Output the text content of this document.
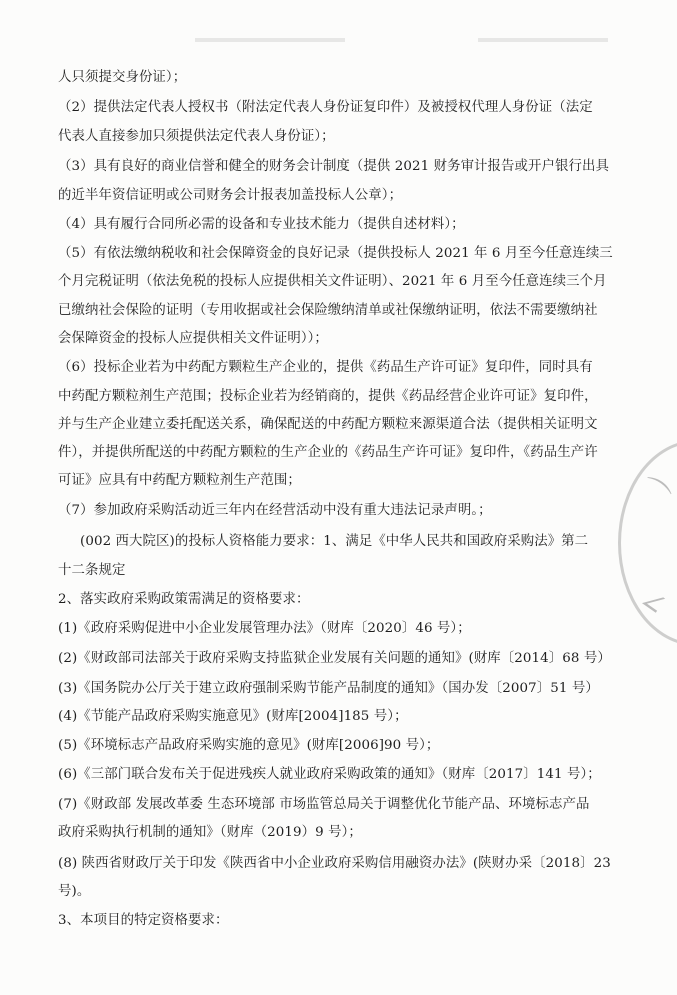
人只须提交身份证）；
（2）提供法定代表人授权书（附法定代表人身份证复印件）及被授权代理人身份证（法定
代表人直接参加只须提供法定代表人身份证）；
（3）具有良好的商业信誉和健全的财务会计制度（提供 2021 财务审计报告或开户银行出具
的近半年资信证明或公司财务会计报表加盖投标人公章）；
（4）具有履行合同所必需的设备和专业技术能力（提供自述材料）；
（5）有依法缴纳税收和社会保障资金的良好记录（提供投标人 2021 年 6 月至今任意连续三
个月完税证明（依法免税的投标人应提供相关文件证明）、2021 年 6 月至今任意连续三个月
已缴纳社会保险的证明（专用收据或社会保险缴纳清单或社保缴纳证明，依法不需要缴纳社
会保障资金的投标人应提供相关文件证明））；
（6）投标企业若为中药配方颗粒生产企业的，提供《药品生产许可证》复印件，同时具有
中药配方颗粒剂生产范围；投标企业若为经销商的，提供《药品经营企业许可证》复印件，
并与生产企业建立委托配送关系，确保配送的中药配方颗粒来源渠道合法（提供相关证明文
件），并提供所配送的中药配方颗粒的生产企业的《药品生产许可证》复印件，《药品生产许
可证》应具有中药配方颗粒剂生产范围；
（7）参加政府采购活动近三年内在经营活动中没有重大违法记录声明。；
(002 西大院区)的投标人资格能力要求：1、满足《中华人民共和国政府采购法》第二
十二条规定
2、落实政府采购政策需满足的资格要求：
(1)《政府采购促进中小企业发展管理办法》（财库〔2020〕46 号）；
(2)《财政部司法部关于政府采购支持监狱企业发展有关问题的通知》(财库〔2014〕68 号）
(3)《国务院办公厅关于建立政府强制采购节能产品制度的通知》（国办发〔2007〕51 号）
(4)《节能产品政府采购实施意见》(财库[2004]185 号）；
(5)《环境标志产品政府采购实施的意见》(财库[2006]90 号）；
(6)《三部门联合发布关于促进残疾人就业政府采购政策的通知》（财库〔2017〕141 号）；
(7)《财政部 发展改革委 生态环境部 市场监管总局关于调整优化节能产品、环境标志产品
政府采购执行机制的通知》（财库（2019）9 号）；
(8) 陕西省财政厅关于印发《陕西省中小企业政府采购信用融资办法》(陕财办采〔2018〕23
号)。
3、本项目的特定资格要求：
⌒
∠
